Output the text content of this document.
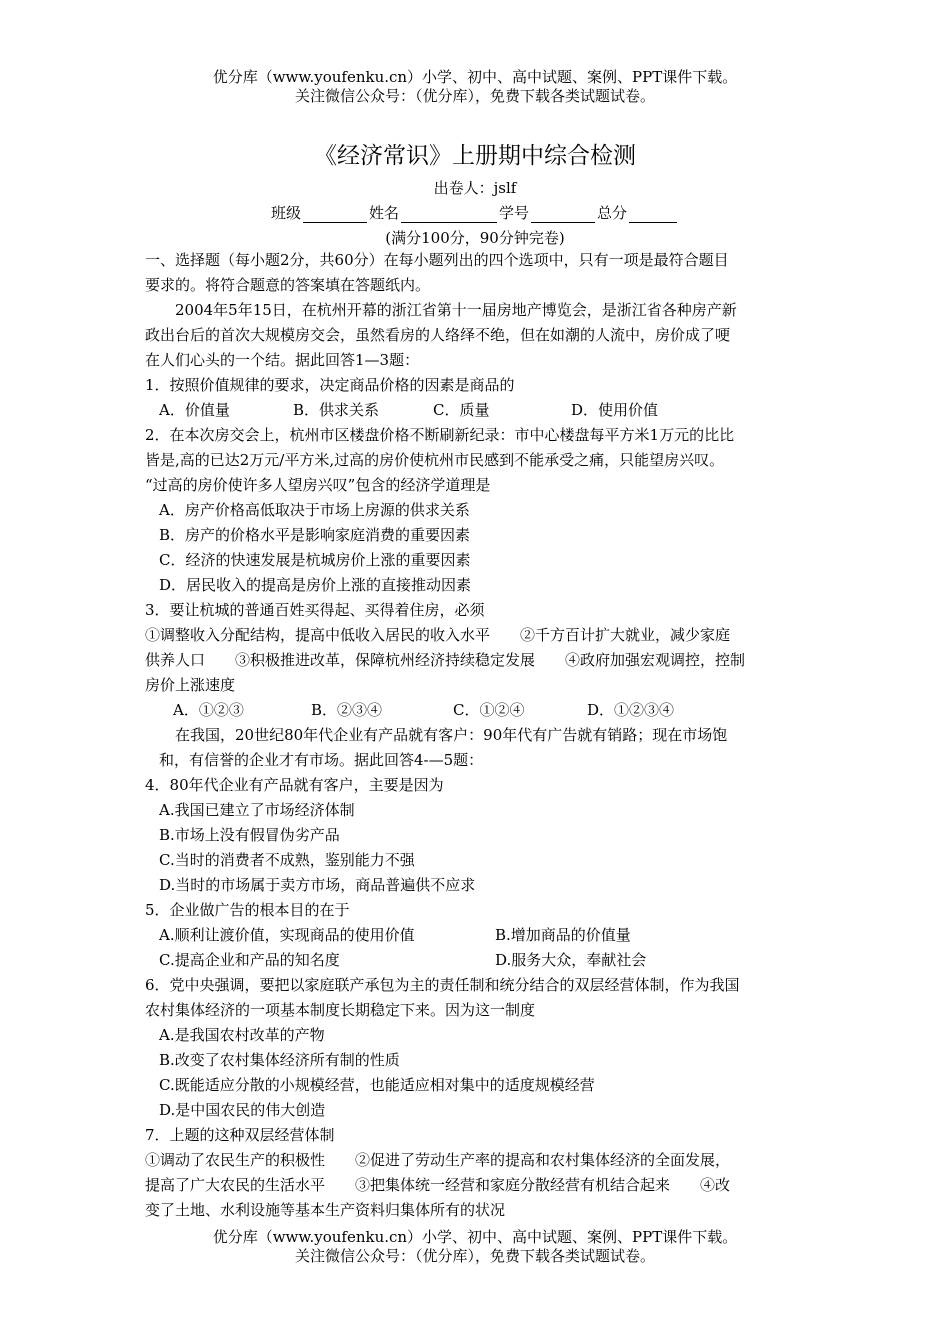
优分库（www.youfenku.cn）小学、初中、高中试题、案例、PPT课件下载。
关注微信公众号：（优分库），免费下载各类试题试卷。
《经济常识》上册期中综合检测
出卷人：jslf
班级	姓名	学号	总分
(满分100分，90分钟完卷)
一、选择题（每小题2分，共60分）在每小题列出的四个选项中，只有一项是最符合题目
要求的。将符合题意的答案填在答题纸内。
2004年5年15日，在杭州开幕的浙江省第十一届房地产博览会，是浙江省各种房产新
政出台后的首次大规模房交会，虽然看房的人络绎不绝，但在如潮的人流中，房价成了哽
在人们心头的一个结。据此回答1—3题：
1．按照价值规律的要求，决定商品价格的因素是商品的
A．价值量	B．供求关系	C．质量	D．使用价值
2．在本次房交会上，杭州市区楼盘价格不断刷新纪录：市中心楼盘每平方米1万元的比比
皆是,高的已达2万元/平方米,过高的房价使杭州市民感到不能承受之痛，只能望房兴叹。
“过高的房价使许多人望房兴叹”包含的经济学道理是
A．房产价格高低取决于市场上房源的供求关系
B．房产的价格水平是影响家庭消费的重要因素
C．经济的快速发展是杭城房价上涨的重要因素
D．居民收入的提高是房价上涨的直接推动因素
3．要让杭城的普通百姓买得起、买得着住房，必须
①调整收入分配结构，提高中低收入居民的收入水平　　②千方百计扩大就业，减少家庭
供养人口　　③积极推进改革，保障杭州经济持续稳定发展　　④政府加强宏观调控，控制
房价上涨速度
A．①②③	B．②③④	C．①②④	D．①②③④
在我国，20世纪80年代企业有产品就有客户：90年代有广告就有销路；现在市场饱
和，有信誉的企业才有市场。据此回答4-—5题：
4．80年代企业有产品就有客户，主要是因为
A.我国已建立了市场经济体制
B.市场上没有假冒伪劣产品
C.当时的消费者不成熟，鉴别能力不强
D.当时的市场属于卖方市场，商品普遍供不应求
5．企业做广告的根本目的在于
A.顺利让渡价值，实现商品的使用价值	B.增加商品的价值量
C.提高企业和产品的知名度	D.服务大众，奉献社会
6．党中央强调，要把以家庭联产承包为主的责任制和统分结合的双层经营体制，作为我国
农村集体经济的一项基本制度长期稳定下来。因为这一制度
A.是我国农村改革的产物
B.改变了农村集体经济所有制的性质
C.既能适应分散的小规模经营，也能适应相对集中的适度规模经营
D.是中国农民的伟大创造
7．上题的这种双层经营体制
①调动了农民生产的积极性　　②促进了劳动生产率的提高和农村集体经济的全面发展，
提高了广大农民的生活水平　　③把集体统一经营和家庭分散经营有机结合起来　　④改
变了土地、水利设施等基本生产资料归集体所有的状况
优分库（www.youfenku.cn）小学、初中、高中试题、案例、PPT课件下载。
关注微信公众号：（优分库），免费下载各类试题试卷。
